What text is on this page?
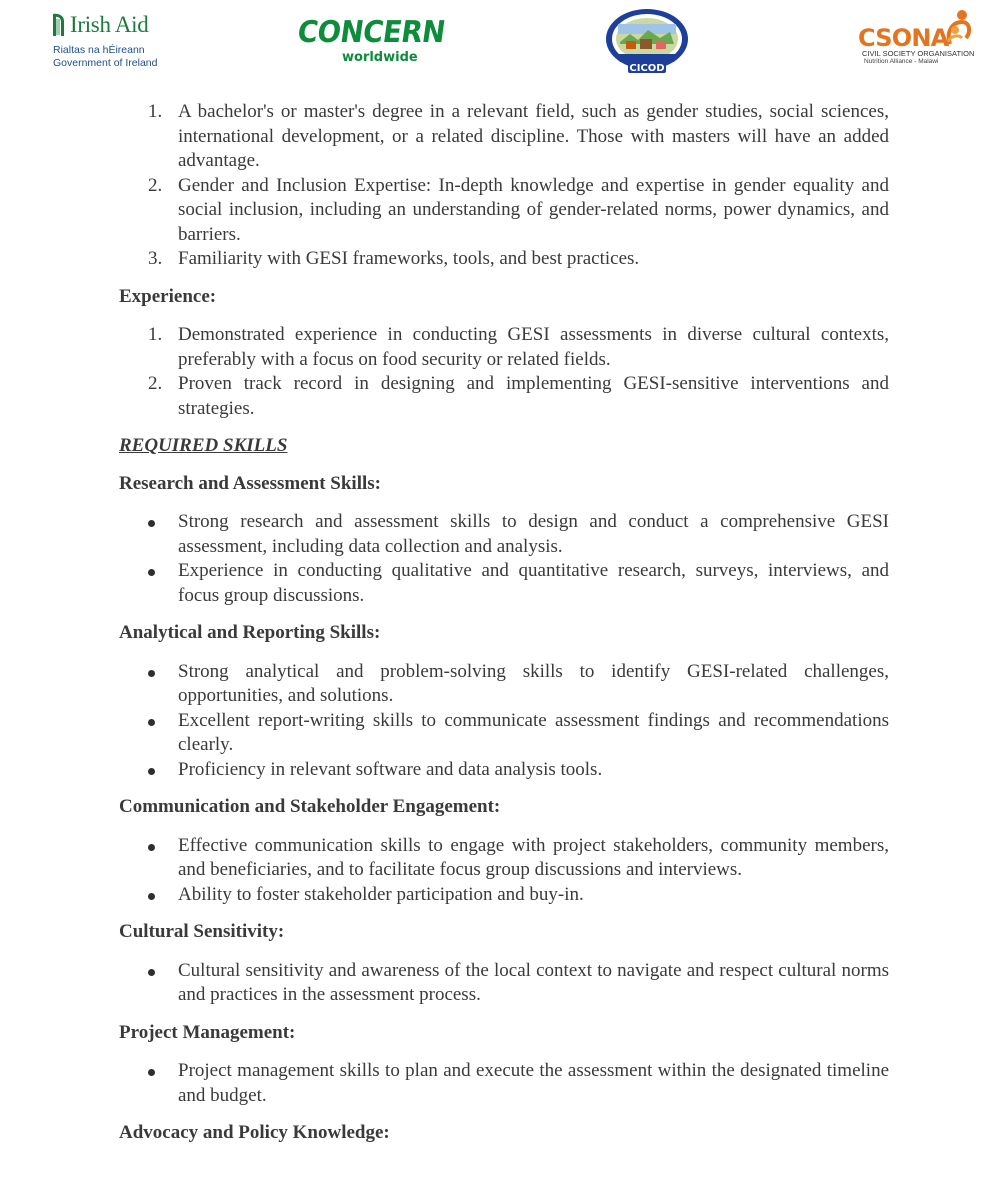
Irish Aid
Rialtas na hÉireann
Government of Ireland
CONCERN
worldwide
CICOD
CSONA
CIVIL SOCIETY ORGANISATION
Nutrition Alliance - Malawi
1. A bachelor's or master's degree in a relevant field, such as gender studies, social sciences, international development, or a related discipline. Those with masters will have an added advantage.
2. Gender and Inclusion Expertise: In-depth knowledge and expertise in gender equality and social inclusion, including an understanding of gender-related norms, power dynamics, and barriers.
3. Familiarity with GESI frameworks, tools, and best practices.

Experience:

1. Demonstrated experience in conducting GESI assessments in diverse cultural contexts, preferably with a focus on food security or related fields.
2. Proven track record in designing and implementing GESI-sensitive interventions and strategies.

REQUIRED SKILLS

Research and Assessment Skills:

Strong research and assessment skills to design and conduct a comprehensive GESI assessment, including data collection and analysis.
Experience in conducting qualitative and quantitative research, surveys, interviews, and focus group discussions.

Analytical and Reporting Skills:

Strong analytical and problem-solving skills to identify GESI-related challenges, opportunities, and solutions.
Excellent report-writing skills to communicate assessment findings and recommendations clearly.
Proficiency in relevant software and data analysis tools.

Communication and Stakeholder Engagement:

Effective communication skills to engage with project stakeholders, community members, and beneficiaries, and to facilitate focus group discussions and interviews.
Ability to foster stakeholder participation and buy-in.

Cultural Sensitivity:

Cultural sensitivity and awareness of the local context to navigate and respect cultural norms and practices in the assessment process.

Project Management:

Project management skills to plan and execute the assessment within the designated timeline and budget.

Advocacy and Policy Knowledge:
